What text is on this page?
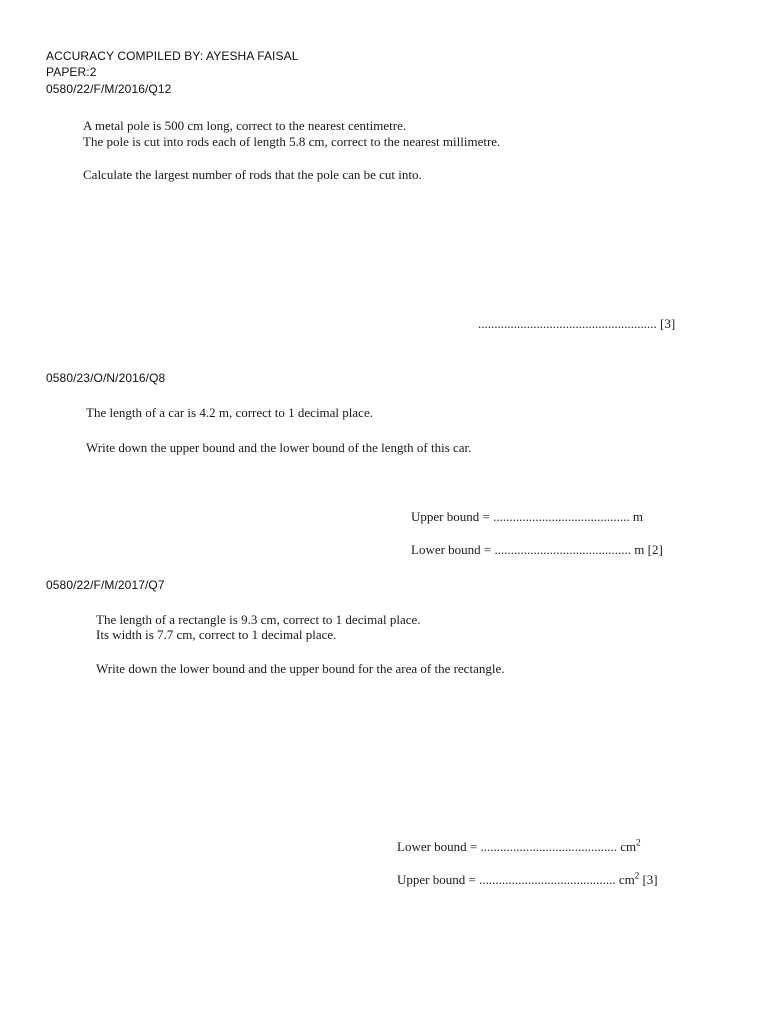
ACCURACY COMPILED BY: AYESHA FAISAL
PAPER:2
0580/22/F/M/2016/Q12
A metal pole is 500 cm long, correct to the nearest centimetre.
The pole is cut into rods each of length 5.8 cm, correct to the nearest millimetre.
Calculate the largest number of rods that the pole can be cut into.
....................................................... [3]
0580/23/O/N/2016/Q8
The length of a car is 4.2 m, correct to 1 decimal place.
Write down the upper bound and the lower bound of the length of this car.
Upper bound = .......................................... m
Lower bound = .......................................... m [2]
0580/22/F/M/2017/Q7
The length of a rectangle is 9.3 cm, correct to 1 decimal place.
Its width is 7.7 cm, correct to 1 decimal place.
Write down the lower bound and the upper bound for the area of the rectangle.
Lower bound = .......................................... $cm^2$
Upper bound = .......................................... $cm^2$ [3]
